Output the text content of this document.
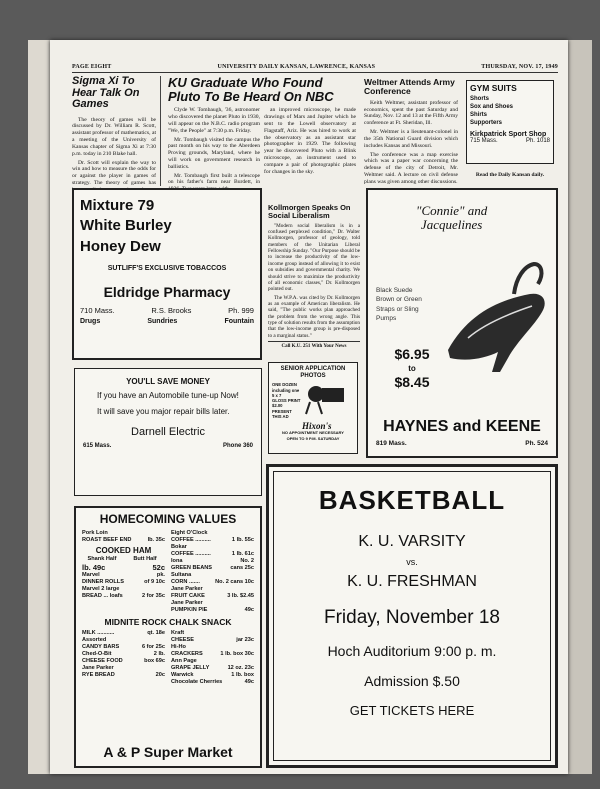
PAGE EIGHT	UNIVERSITY DAILY KANSAN, LAWRENCE, KANSAS	THURSDAY, NOV. 17, 1949
Sigma Xi To Hear Talk On Games

The theory of games will be discussed by Dr. William R. Scott, assistant professor of mathematics, at a meeting of the University of Kansas chapter of Sigma Xi at 7:30 p.m. today in 210 Blake hall.

Dr. Scott will explain the way to win and how to measure the odds for or against the player in games of strategy. The theory of games has

KU Graduate Who Found Pluto To Be Heard On NBC

Clyde W. Tombaugh, '36, astronomer who discovered the planet Pluto in 1930, will appear on the N.B.C. radio program "We, the People" at 7:30 p.m. Friday.

Mr. Tombaugh visited the campus the past month on his way to the Aberdeen Proving grounds, Maryland, where he will work on government research in ballistics.

Mr. Tombaugh first built a telescope on his father's farm near Burdett, in

an improved microscope, he made drawings of Mars and Jupiter which he sent to the Lowell observatory at Flagstaff, Ariz. He was hired to work at the observatory as an assistant star photographer in 1929. The following year he discovered Pluto with a Blink microscope, an instrument used to compare a pair of photographic plates for changes in the sky.

Weltmer Attends Army Conference

Keith Weltmer, assistant professor of economics, spent the past Saturday and Sunday, Nov. 12 and 13 at the Fifth Army conference at Ft. Sheridan, Ill.

Mr. Weltmer is a lieutenant-colonel in the 35th National Guard division which includes Kansas and Missouri.

The conference was a map exercise which was a paper war concerning the defense of the city of Detroit, Mr. Weltmer said. A lecture on civil defense plans was given among other discussions.

GYM SUITS
Shorts
Sox and Shoes
Shirts
Supporters
Kirkpatrick Sport Shop
715 Mass.	Ph. 1018
Read the Daily Kansan daily.
Mixture 79
White Burley
Honey Dew
SUTLIFF'S EXCLUSIVE TOBACCOS
Eldridge Pharmacy
710 Mass.	R.S. Brooks	Ph. 999
Drugs	Sundries	Fountain
Kollmorgen Speaks On Social Liberalism

"Modern social liberalism is in a confused perplexed condition," Dr. Walter Kollmorgen, professor of geology, told members of the Unitarian Liberal Fellowship Sunday. "Our Purpose should be to increase the productivity of the low-income group instead of allowing it to exist on subsidies and governmental charity. We should strive to maximize the productivity of all economic classes," Dr. Kollmorgen pointed out.

The W.P.A. was cited by Dr. Kollmorgen as an example of American liberalism. He said, "The public works plan approached the problem from the wrong angle. This type of solution results from the assumption that the low-income group is pre-disposed to a marginal status."

Call K.U. 251 With Your News
"Connie" and
Jacquelines
Black Suede
Brown or Green
Straps or Sling
Pumps
$6.95
to
$8.45
HAYNES and KEENE
819 Mass.	Ph. 524
YOU'LL SAVE MONEY
If you have an Automobile tune-up Now!
It will save you major repair bills later.
Darnell Electric
615 Mass.	Phone 360
SENIOR APPLICATION PHOTOS
ONE DOZEN
including one
5 x 7
GLOSS PRINT
$2.00
PRESENT THIS AD
Hixon's
NO APPOINTMENT NECESSARY
OPEN TO 9 P.M. SATURDAY
HOMECOMING VALUES
Pork Loin
ROAST BEEF END	lb. 35c
COOKED HAM
Shank Half	Butt Half
lb. 49c	52c
Marvel	pk.
DINNER ROLLS	of 9 10c
Marvel 2 large
BREAD ... loafs	2 for 35c
Eight O'Clock
COFFEE ..........	1 lb. 55c
Bokar
COFFEE ..........	1 lb. 61c
Iona	No. 2
GREEN BEANS	cans 25c
Sultana
CORN .......	No. 2 cans 10c
Jane Parker
FRUIT CAKE	3 lb. $2.45
Jane Parker
PUMPKIN PIE	49c
MIDNITE ROCK CHALK SNACK
MILK ...........	qt. 18e
Assorted
CANDY BARS	6 for 25c
Ched-O-Bit	2 lb.
CHEESE FOOD	box 69c
Jane Parker
RYE BREAD	20c
Kraft
CHEESE	jar 23c
Hi-Ho
CRACKERS	1 lb. box 30c
Ann Page
GRAPE JELLY	12 oz. 23c
Warwick	1 lb. box
Chocolate Cherries	49c
A & P Super Market
BASKETBALL
K. U. VARSITY
vs.
K. U. FRESHMAN
Friday, November 18
Hoch Auditorium 9:00 p. m.
Admission $.50
GET TICKETS HERE
